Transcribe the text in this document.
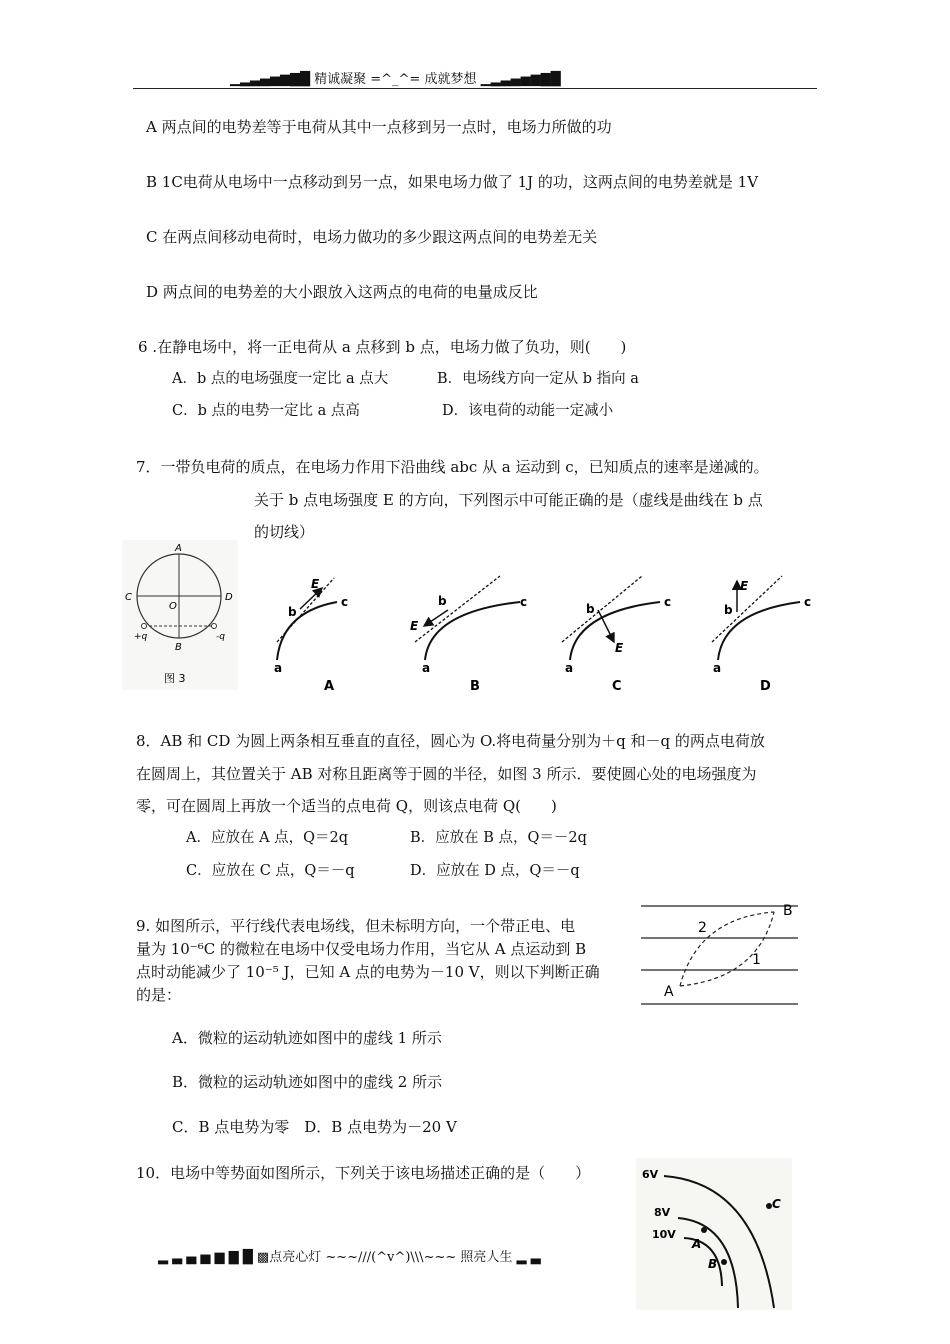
▁▂▃▄▅▆▇█ 精诚凝聚 =^_^= 成就梦想 ▁▂▃▄▅▆▇█
A 两点间的电势差等于电荷从其中一点移到另一点时，电场力所做的功
B 1C电荷从电场中一点移动到另一点，如果电场力做了 1J 的功，这两点间的电势差就是 1V
C 在两点间移动电荷时，电场力做功的多少跟这两点间的电势差无关
D 两点间的电势差的大小跟放入这两点的电荷的电量成反比
6 .在静电场中，将一正电荷从 a 点移到 b 点，电场力做了负功，则(　　)
A．b 点的电场强度一定比 a 点大	B．电场线方向一定从 b 指向 a
C．b 点的电势一定比 a 点高	D．该电荷的动能一定减小
7．一带负电荷的质点，在电场力作用下沿曲线 abc 从 a 运动到 c，已知质点的速率是递减的。
关于 b 点电场强度 E 的方向，下列图示中可能正确的是（虚线是曲线在 b 点
的切线）
A
B
C	D
O
+q	-q
图 3
b
E
a
c
A
b
E
a
c
B
b
E
a
c
C
b
E
a
c
D
8．AB 和 CD 为圆上两条相互垂直的直径，圆心为 O.将电荷量分别为＋q 和－q 的两点电荷放
在圆周上，其位置关于 AB 对称且距离等于圆的半径，如图 3 所示．要使圆心处的电场强度为
零，可在圆周上再放一个适当的点电荷 Q，则该点电荷 Q(　　)
A．应放在 A 点，Q＝2q	B．应放在 B 点，Q＝－2q
C．应放在 C 点，Q＝－q	D．应放在 D 点，Q＝－q
9. 如图所示，平行线代表电场线，但未标明方向，一个带正电、电
量为 10⁻⁶C 的微粒在电场中仅受电场力作用，当它从 A 点运动到 B
点时动能减少了 10⁻⁵ J，已知 A 点的电势为－10 V，则以下判断正确
的是：
A．微粒的运动轨迹如图中的虚线 1 所示
B．微粒的运动轨迹如图中的虚线 2 所示
C．B 点电势为零　D．B 点电势为－20 V
A
B
2
1
10．电场中等势面如图所示，下列关于该电场描述正确的是（　　）	6V
8V
10V
C
A
B
▂ ▃ ▄ ▅ ▆ ▇ █ ▩点亮心灯 ~~~///(^v^)\\\~~~ 照亮人生 ▂ ▃
